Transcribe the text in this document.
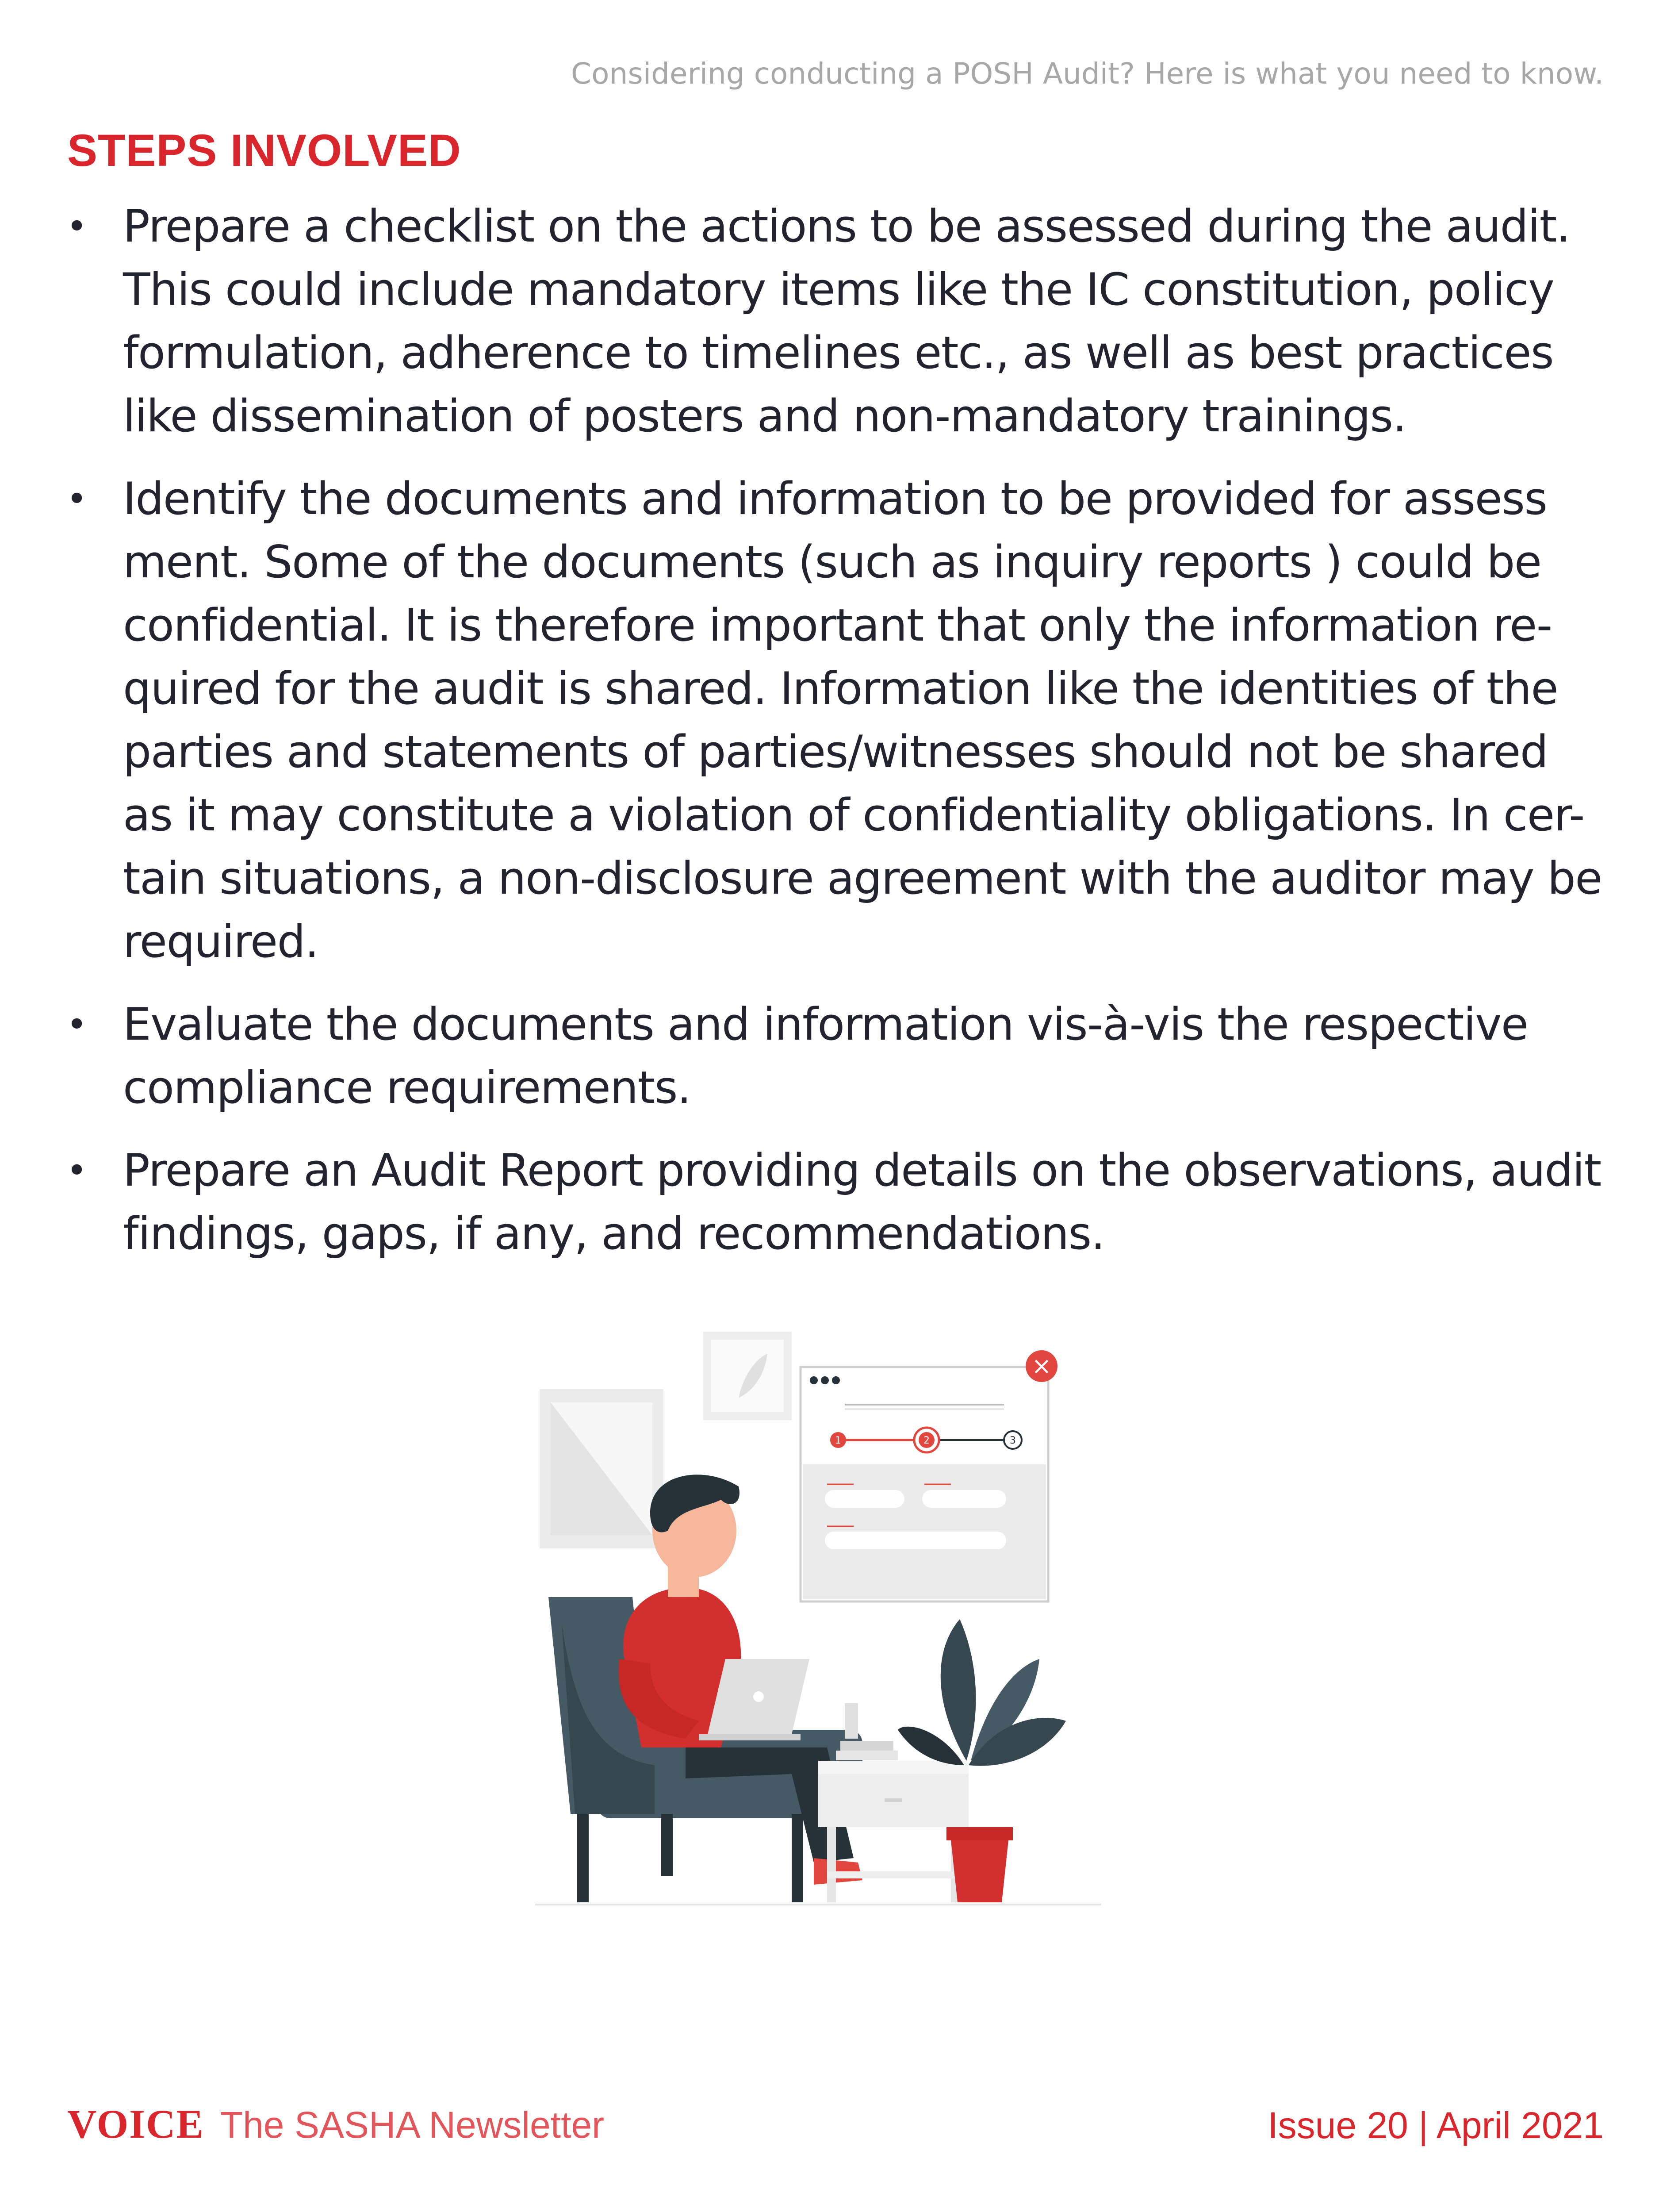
Considering conducting a POSH Audit? Here is what you need to know.
STEPS INVOLVED
• Prepare a checklist on the actions to be assessed during the audit. This could include mandatory items like the IC constitution, policy formulation, adherence to timelines etc., as well as best practices like dissemination of posters and non-mandatory trainings.
• Identify the documents and information to be provided for assess ment. Some of the documents (such as inquiry reports ) could be confidential. It is therefore important that only the information re-quired for the audit is shared. Information like the identities of the parties and statements of parties/witnesses should not be shared as it may constitute a violation of confidentiality obligations. In cer-tain situations, a non-disclosure agreement with the auditor may be required.
• Evaluate the documents and information vis-à-vis the respective compliance requirements.
• Prepare an Audit Report providing details on the observations, audit findings, gaps, if any, and recommendations.
1	2	3
×
VOICE The SASHA Newsletter	Issue 20 | April 2021
